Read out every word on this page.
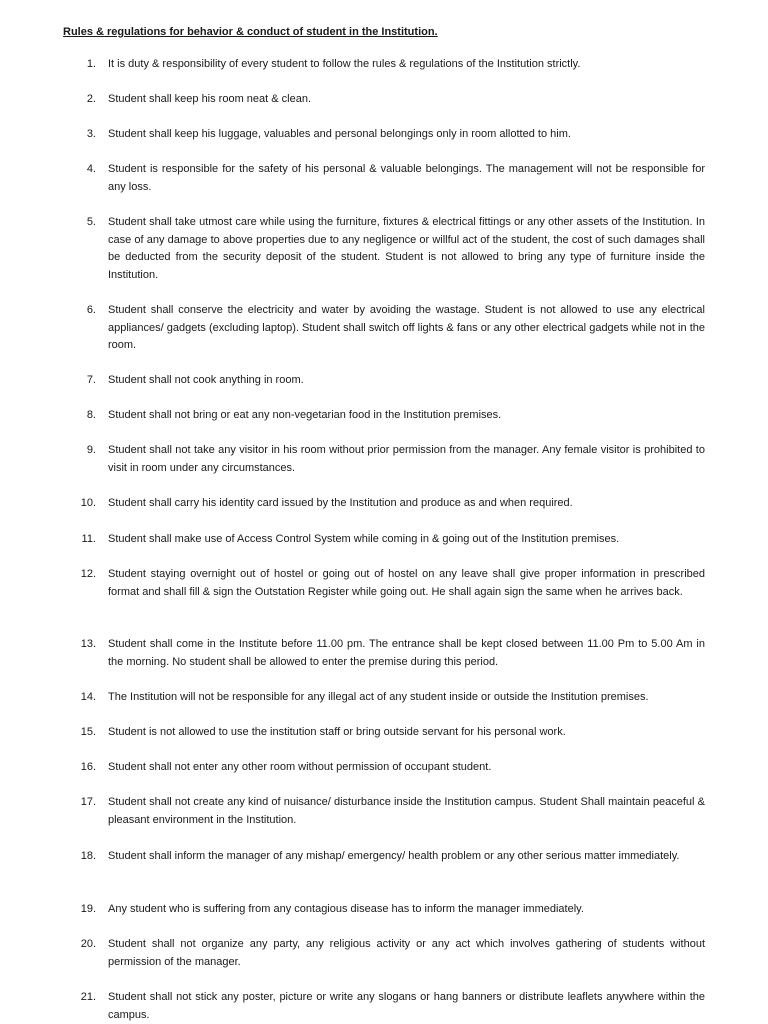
Rules & regulations for behavior & conduct of student in the Institution.
1. It is duty & responsibility of every student to follow the rules & regulations of the Institution strictly.
2. Student shall keep his room neat & clean.
3. Student shall keep his luggage, valuables and personal belongings only in room allotted to him.
4. Student is responsible for the safety of his personal & valuable belongings. The management will not be responsible for any loss.
5. Student shall take utmost care while using the furniture, fixtures & electrical fittings or any other assets of the Institution. In case of any damage to above properties due to any negligence or willful act of the student, the cost of such damages shall be deducted from the security deposit of the student. Student is not allowed to bring any type of furniture inside the Institution.
6. Student shall conserve the electricity and water by avoiding the wastage. Student is not allowed to use any electrical appliances/ gadgets (excluding laptop). Student shall switch off lights & fans or any other electrical gadgets while not in the room.
7. Student shall not cook anything in room.
8. Student shall not bring or eat any non-vegetarian food in the Institution premises.
9. Student shall not take any visitor in his room without prior permission from the manager. Any female visitor is prohibited to visit in room under any circumstances.
10. Student shall carry his identity card issued by the Institution and produce as and when required.
11. Student shall make use of Access Control System while coming in & going out of the Institution premises.
12. Student staying overnight out of hostel or going out of hostel on any leave shall give proper information in prescribed format and shall fill & sign the Outstation Register while going out. He shall again sign the same when he arrives back.
13. Student shall come in the Institute before 11.00 pm. The entrance shall be kept closed between 11.00 Pm to 5.00 Am in the morning. No student shall be allowed to enter the premise during this period.
14. The Institution will not be responsible for any illegal act of any student inside or outside the Institution premises.
15. Student is not allowed to use the institution staff or bring outside servant for his personal work.
16. Student shall not enter any other room without permission of occupant student.
17. Student shall not create any kind of nuisance/ disturbance inside the Institution campus. Student Shall maintain peaceful & pleasant environment in the Institution.
18. Student shall inform the manager of any mishap/ emergency/ health problem or any other serious matter immediately.
19. Any student who is suffering from any contagious disease has to inform the manager immediately.
20. Student shall not organize any party, any religious activity or any act which involves gathering of students without permission of the manager.
21. Student shall not stick any poster, picture or write any slogans or hang banners or distribute leaflets anywhere within the campus.
